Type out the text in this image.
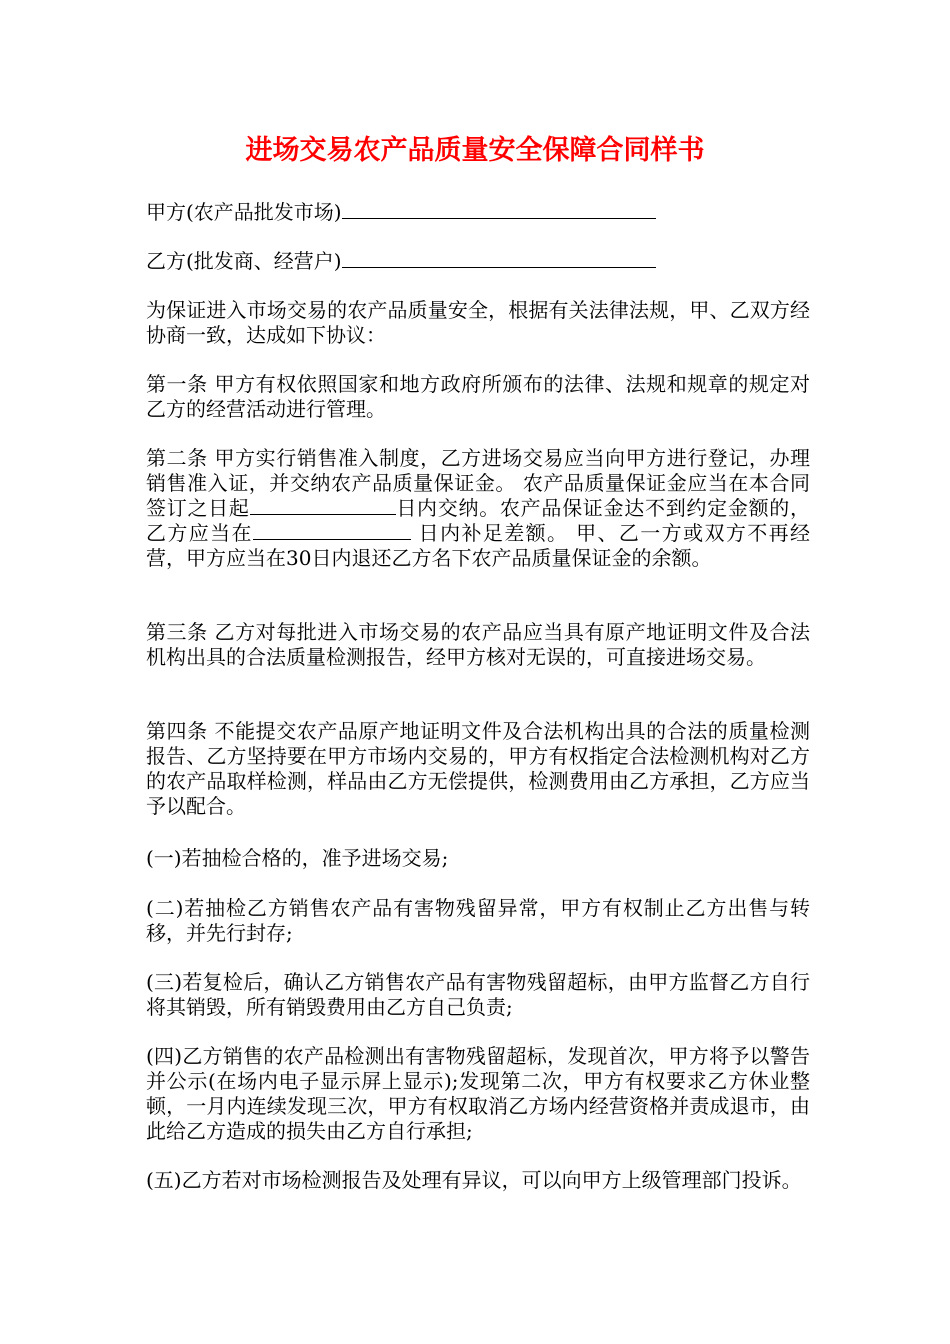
进场交易农产品质量安全保障合同样书
甲方(农产品批发市场)
乙方(批发商、经营户)

为保证进入市场交易的农产品质量安全，根据有关法律法规，甲、乙双方经协商一致，达成如下协议：

第一条 甲方有权依照国家和地方政府所颁布的法律、法规和规章的规定对乙方的经营活动进行管理。

第二条 甲方实行销售准入制度，乙方进场交易应当向甲方进行登记，办理销售准入证，并交纳农产品质量保证金。 农产品质量保证金应当在本合同签订之日起	日内交纳。农产品保证金达不到约定金额的，乙方应当在	日内补足差额。 甲、乙一方或双方不再经营，甲方应当在30日内退还乙方名下农产品质量保证金的余额。

第三条 乙方对每批进入市场交易的农产品应当具有原产地证明文件及合法机构出具的合法质量检测报告，经甲方核对无误的，可直接进场交易。

第四条 不能提交农产品原产地证明文件及合法机构出具的合法的质量检测报告、乙方坚持要在甲方市场内交易的，甲方有权指定合法检测机构对乙方的农产品取样检测，样品由乙方无偿提供，检测费用由乙方承担，乙方应当予以配合。

(一)若抽检合格的，准予进场交易;

(二)若抽检乙方销售农产品有害物残留异常，甲方有权制止乙方出售与转移，并先行封存;

(三)若复检后，确认乙方销售农产品有害物残留超标，由甲方监督乙方自行将其销毁，所有销毁费用由乙方自己负责;

(四)乙方销售的农产品检测出有害物残留超标，发现首次，甲方将予以警告并公示(在场内电子显示屏上显示);发现第二次，甲方有权要求乙方休业整顿，一月内连续发现三次，甲方有权取消乙方场内经营资格并责成退市，由此给乙方造成的损失由乙方自行承担;

(五)乙方若对市场检测报告及处理有异议，可以向甲方上级管理部门投诉。
